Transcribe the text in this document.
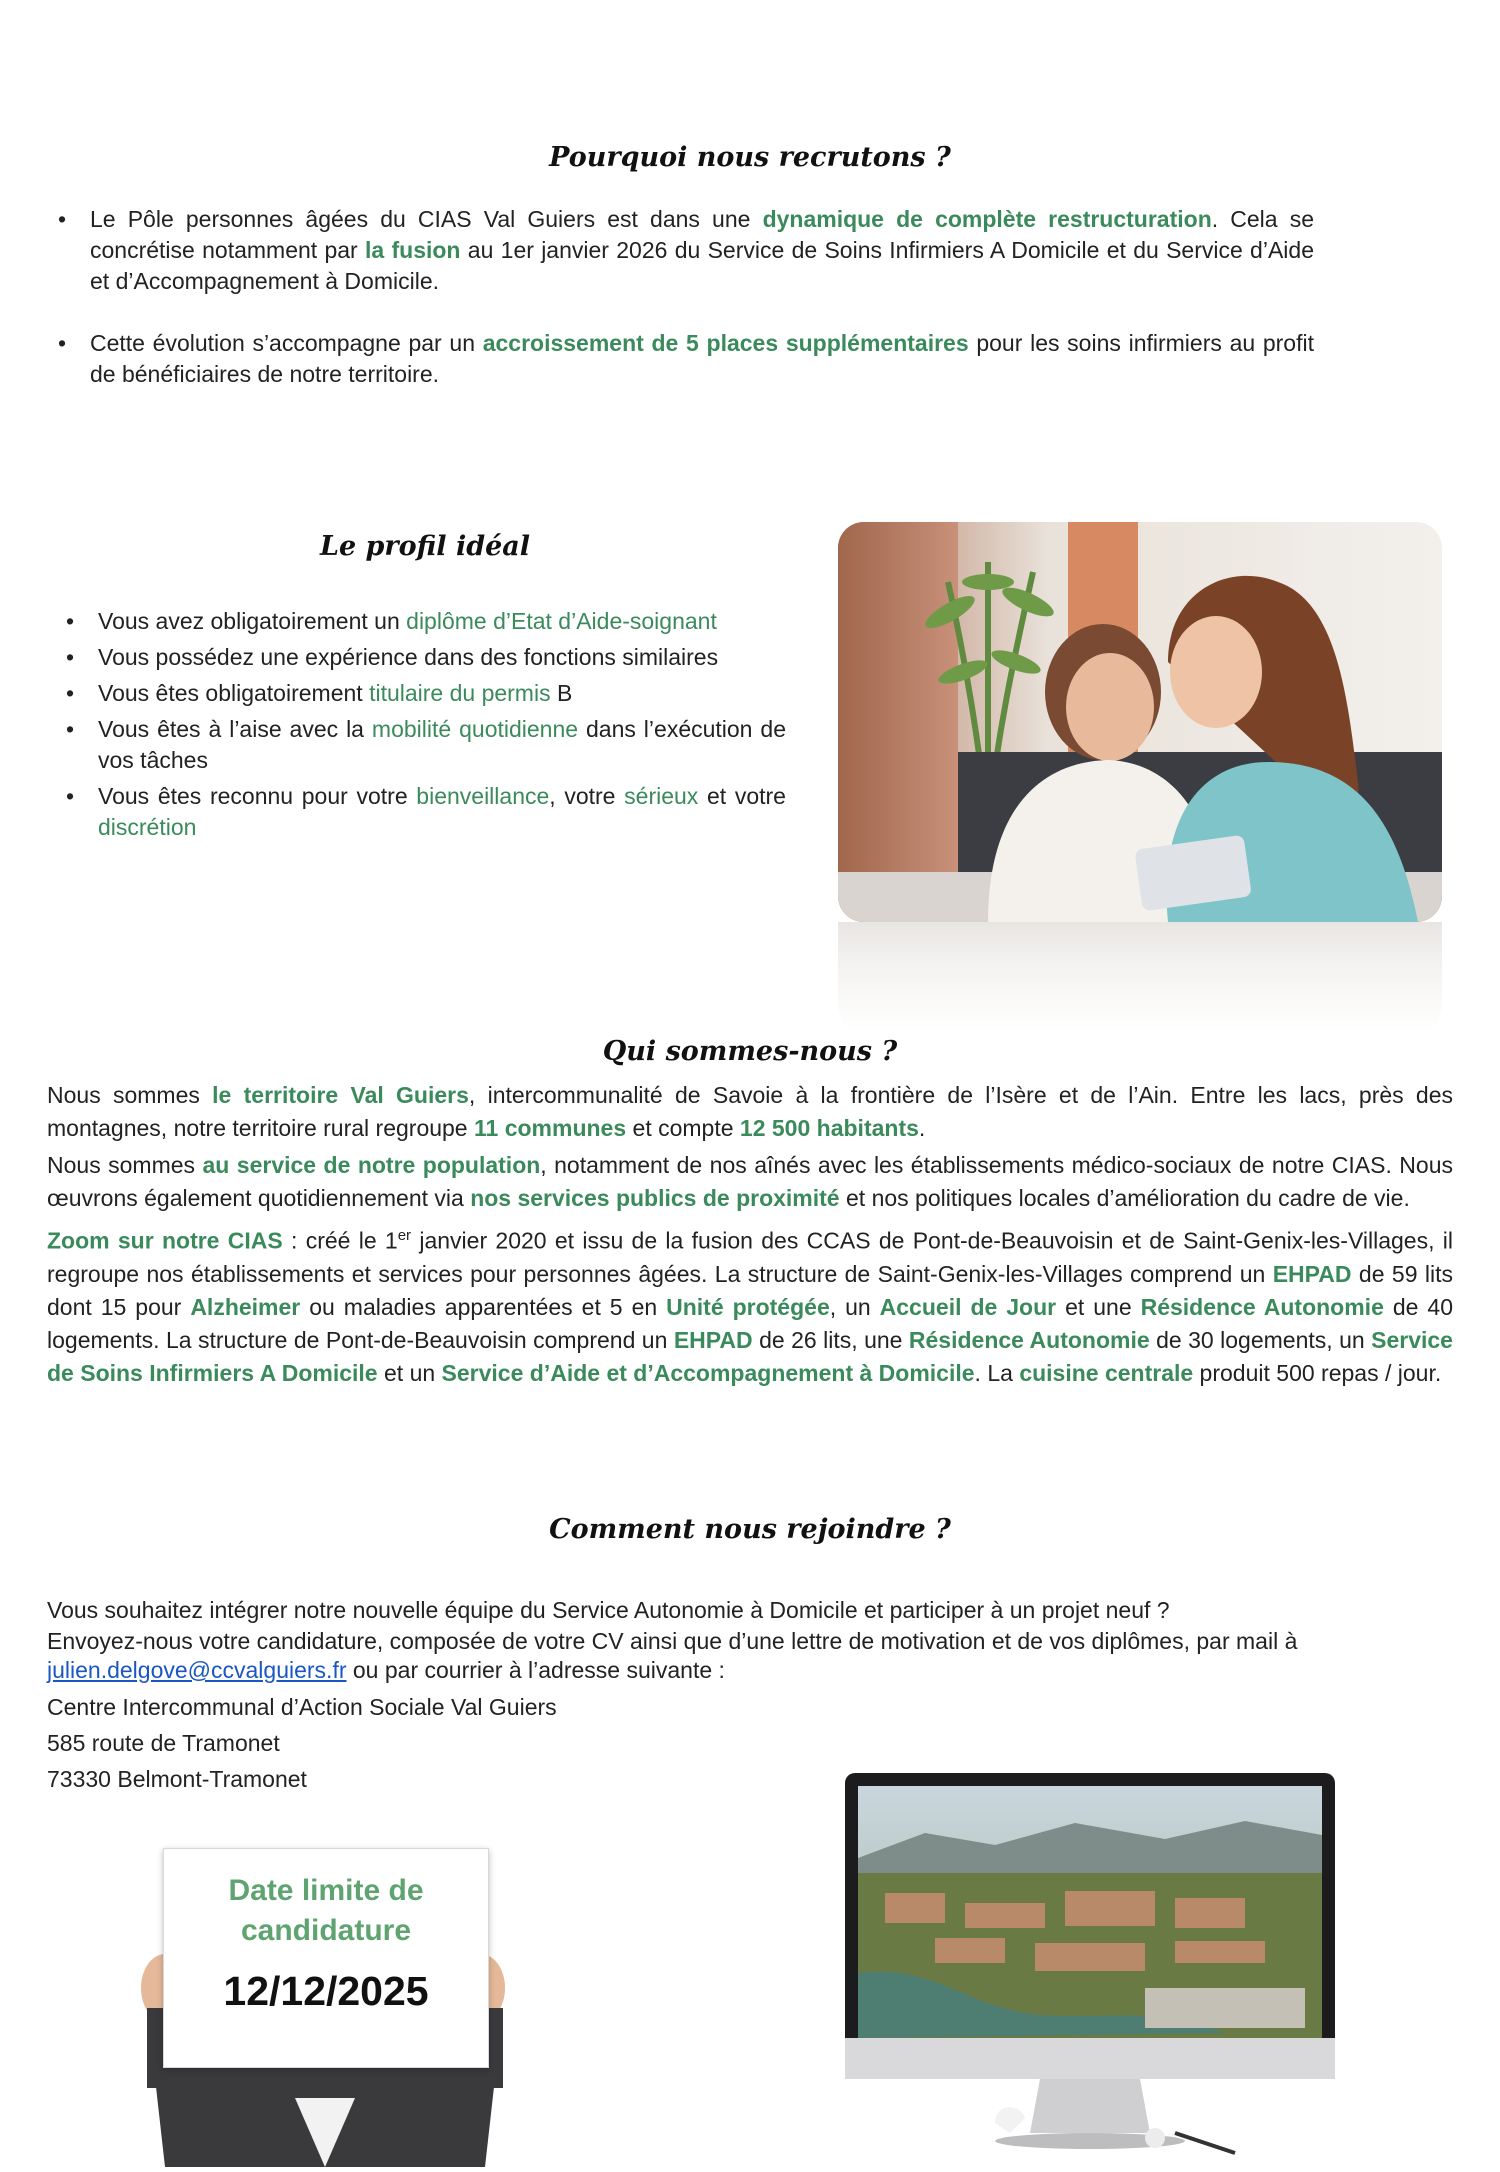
Pourquoi nous recrutons ?
• Le Pôle personnes âgées du CIAS Val Guiers est dans une dynamique de complète restructuration. Cela se concrétise notamment par la fusion au 1er janvier 2026 du Service de Soins Infirmiers A Domicile et du Service d’Aide et d’Accompagnement à Domicile.
• Cette évolution s’accompagne par un accroissement de 5 places supplémentaires pour les soins infirmiers au profit de bénéficiaires de notre territoire.
Le profil idéal
• Vous avez obligatoirement un diplôme d’Etat d’Aide-soignant
• Vous possédez une expérience dans des fonctions similaires
• Vous êtes obligatoirement titulaire du permis B
• Vous êtes à l’aise avec la mobilité quotidienne dans l’exécution de vos tâches
• Vous êtes reconnu pour votre bienveillance, votre sérieux et votre discrétion
Qui sommes-nous ?

Nous sommes le territoire Val Guiers, intercommunalité de Savoie à la frontière de l’Isère et de l’Ain. Entre les lacs, près des montagnes, notre territoire rural regroupe 11 communes et compte 12 500 habitants.

Nous sommes au service de notre population, notamment de nos aînés avec les établissements médico-sociaux de notre CIAS. Nous œuvrons également quotidiennement via nos services publics de proximité et nos politiques locales d’amélioration du cadre de vie.

Zoom sur notre CIAS : créé le 1er janvier 2020 et issu de la fusion des CCAS de Pont-de-Beauvoisin et de Saint-Genix-les-Villages, il regroupe nos établissements et services pour personnes âgées. La structure de Saint-Genix-les-Villages comprend un EHPAD de 59 lits dont 15 pour Alzheimer ou maladies apparentées et 5 en Unité protégée, un Accueil de Jour et une Résidence Autonomie de 40 logements. La structure de Pont-de-Beauvoisin comprend un EHPAD de 26 lits, une Résidence Autonomie de 30 logements, un Service de Soins Infirmiers A Domicile et un Service d’Aide et d’Accompagnement à Domicile. La cuisine centrale produit 500 repas / jour.

Comment nous rejoindre ?

Vous souhaitez intégrer notre nouvelle équipe du Service Autonomie à Domicile et participer à un projet neuf ?

Envoyez-nous votre candidature, composée de votre CV ainsi que d’une lettre de motivation et de vos diplômes, par mail à julien.delgove@ccvalguiers.fr ou par courrier à l’adresse suivante :

Centre Intercommunal d’Action Sociale Val Guiers

585 route de Tramonet

73330 Belmont-Tramonet

Date limite de
candidature
12/12/2025
